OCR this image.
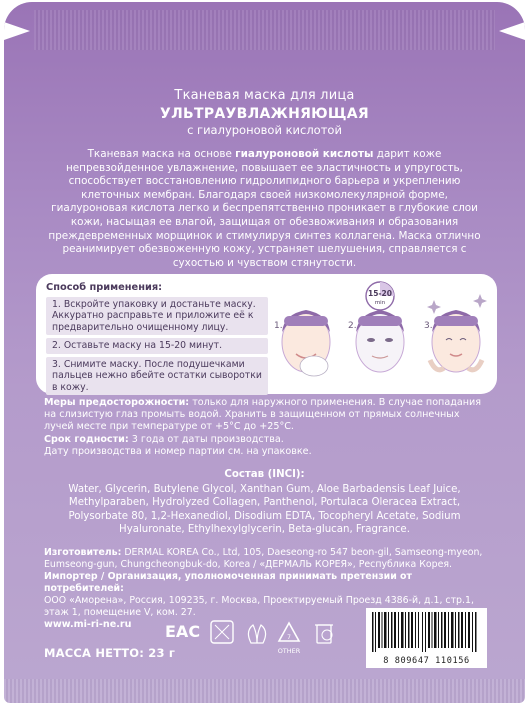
Тканевая маска для лица
УЛЬТРАУВЛАЖНЯЮЩАЯ
с гиалуроновой кислотой
Тканевая маска на основе гиалуроновой кислоты дарит коже непревзойденное увлажнение, повышает ее эластичность и упругость, способствует восстановлению гидролипидного барьера и укреплению клеточных мембран. Благодаря своей низкомолекулярной форме, гиалуроновая кислота легко и беспрепятственно проникает в глубокие слои кожи, насыщая ее влагой, защищая от обезвоживания и образования преждевременных морщинок и стимулируя синтез коллагена. Маска отлично реанимирует обезвоженную кожу, устраняет шелушения, справляется с сухостью и чувством стянутости.
Способ применения:
1. Вскройте упаковку и достаньте маску. Аккуратно расправьте и приложите её к предварительно очищенному лицу.
2. Оставьте маску на 15-20 минут.
3. Снимите маску. После подушечками пальцев нежно вбейте остатки сыворотки в кожу.
1.	2.
15-20
min
3.
Меры предосторожности: только для наружного применения. В случае попадания на слизистую глаз промыть водой. Хранить в защищенном от прямых солнечных лучей месте при температуре от +5°С до +25°С.
Срок годности: 3 года от даты производства.
Дату производства и номер партии см. на упаковке.
Состав (INCI):
Water, Glycerin, Butylene Glycol, Xanthan Gum, Aloe Barbadensis Leaf Juice, Methylparaben, Hydrolyzed Collagen, Panthenol, Portulaca Oleracea Extract, Polysorbate 80, 1,2-Hexanediol, Disodium EDTA, Tocopheryl Acetate, Sodium Hyaluronate, Ethylhexylglycerin, Beta-glucan, Fragrance.
Изготовитель: DERMAL KOREA Co., Ltd, 105, Daeseong-ro 547 beon-gil, Samseong-myeon, Eumseong-gun, Chungcheongbuk-do, Korea / «ДЕРМАЛЬ КОРЕЯ», Республика Корея.
Импортер / Организация, уполномоченная принимать претензии от потребителей:
ООО «Аморена», Россия, 109235, г. Москва, Проектируемый Проезд 4386-й, д.1, стр.1, этаж 1, помещение V, ком. 27.
www.mi-ri-ne.ru
МАССА НЕТТО: 23 г
ЕАС	7
OTHER
8 809647 110156
